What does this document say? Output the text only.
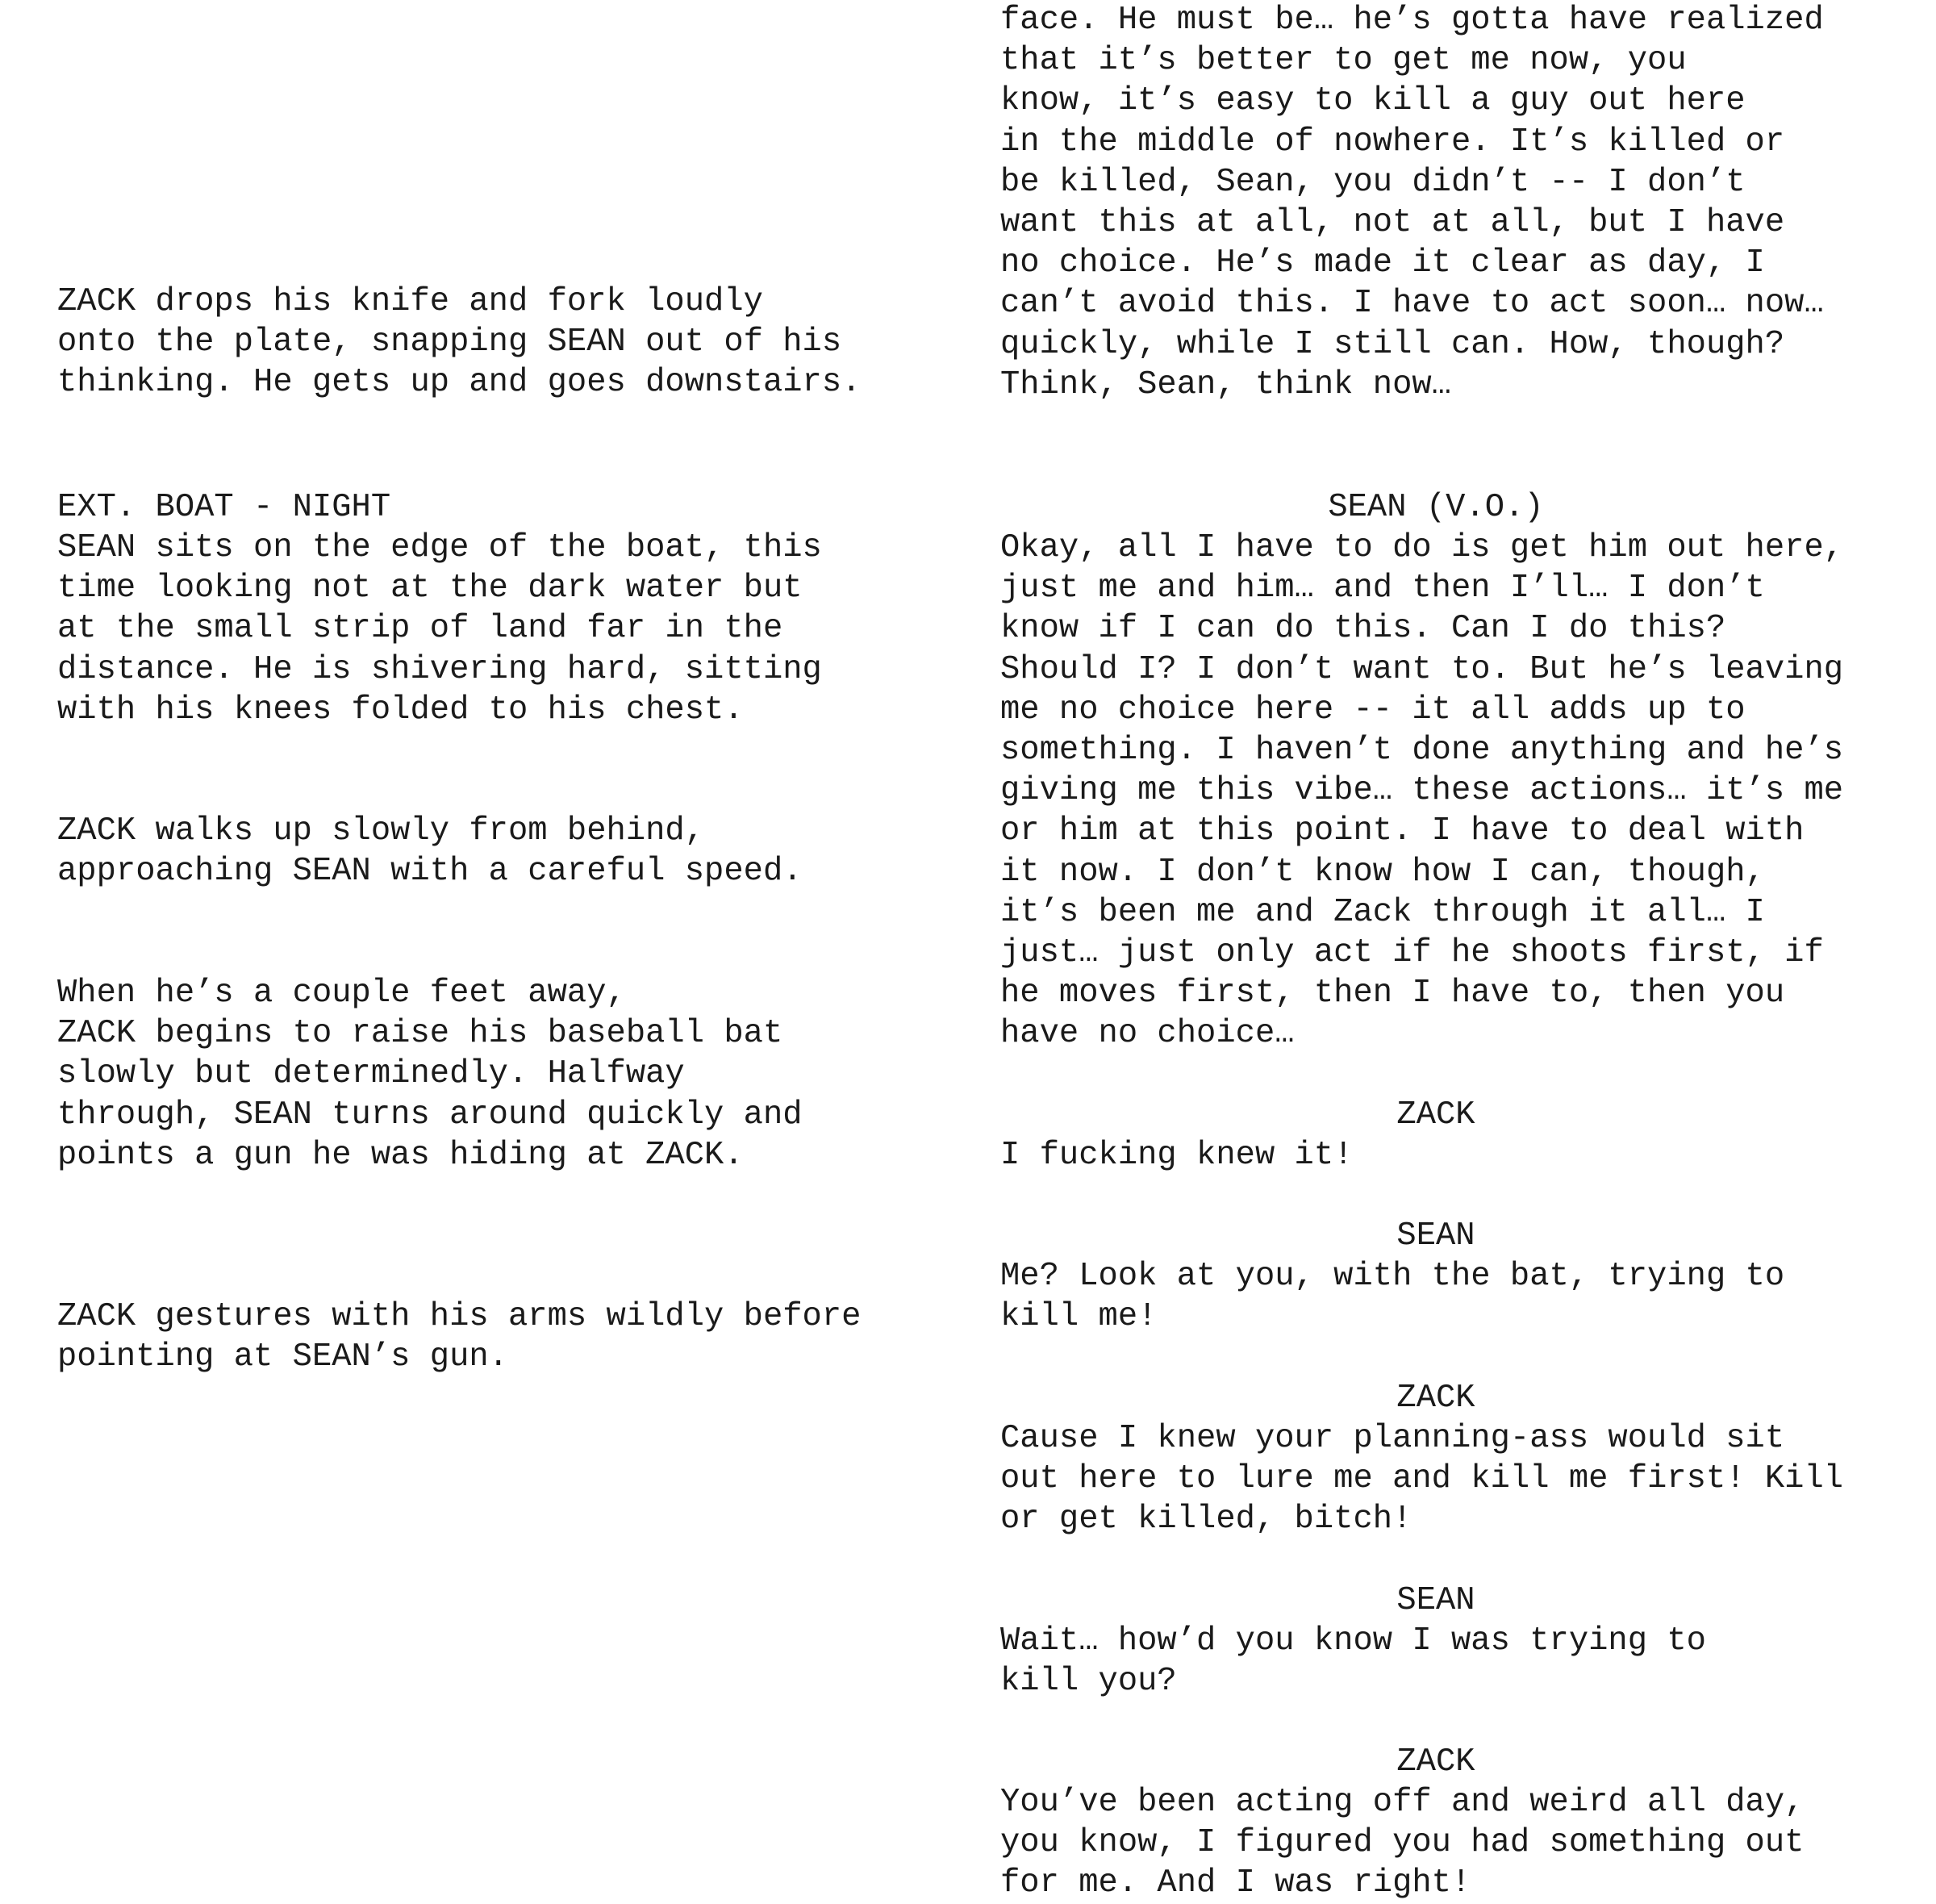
ZACK drops his knife and fork loudly
onto the plate, snapping SEAN out of his
thinking. He gets up and goes downstairs.

EXT. BOAT - NIGHT

SEAN sits on the edge of the boat, this
time looking not at the dark water but
at the small strip of land far in the
distance. He is shivering hard, sitting
with his knees folded to his chest.

ZACK walks up slowly from behind,
approaching SEAN with a careful speed.

When he’s a couple feet away,
ZACK begins to raise his baseball bat
slowly but determinedly. Halfway
through, SEAN turns around quickly and
points a gun he was hiding at ZACK.

ZACK gestures with his arms wildly before
pointing at SEAN’s gun.

face. He must be… he’s gotta have realized
that it’s better to get me now, you
know, it’s easy to kill a guy out here
in the middle of nowhere. It’s killed or
be killed, Sean, you didn’t -- I don’t
want this at all, not at all, but I have
no choice. He’s made it clear as day, I
can’t avoid this. I have to act soon… now…
quickly, while I still can. How, though?
Think, Sean, think now…

SEAN (V.O.)

Okay, all I have to do is get him out here,
just me and him… and then I’ll… I don’t
know if I can do this. Can I do this?
Should I? I don’t want to. But he’s leaving
me no choice here -- it all adds up to
something. I haven’t done anything and he’s
giving me this vibe… these actions… it’s me
or him at this point. I have to deal with
it now. I don’t know how I can, though,
it’s been me and Zack through it all… I
just… just only act if he shoots first, if
he moves first, then I have to, then you
have no choice…

ZACK

I fucking knew it!

SEAN

Me? Look at you, with the bat, trying to
kill me!

ZACK

Cause I knew your planning-ass would sit
out here to lure me and kill me first! Kill
or get killed, bitch!

SEAN

Wait… how’d you know I was trying to
kill you?

ZACK

You’ve been acting off and weird all day,
you know, I figured you had something out
for me. And I was right!
